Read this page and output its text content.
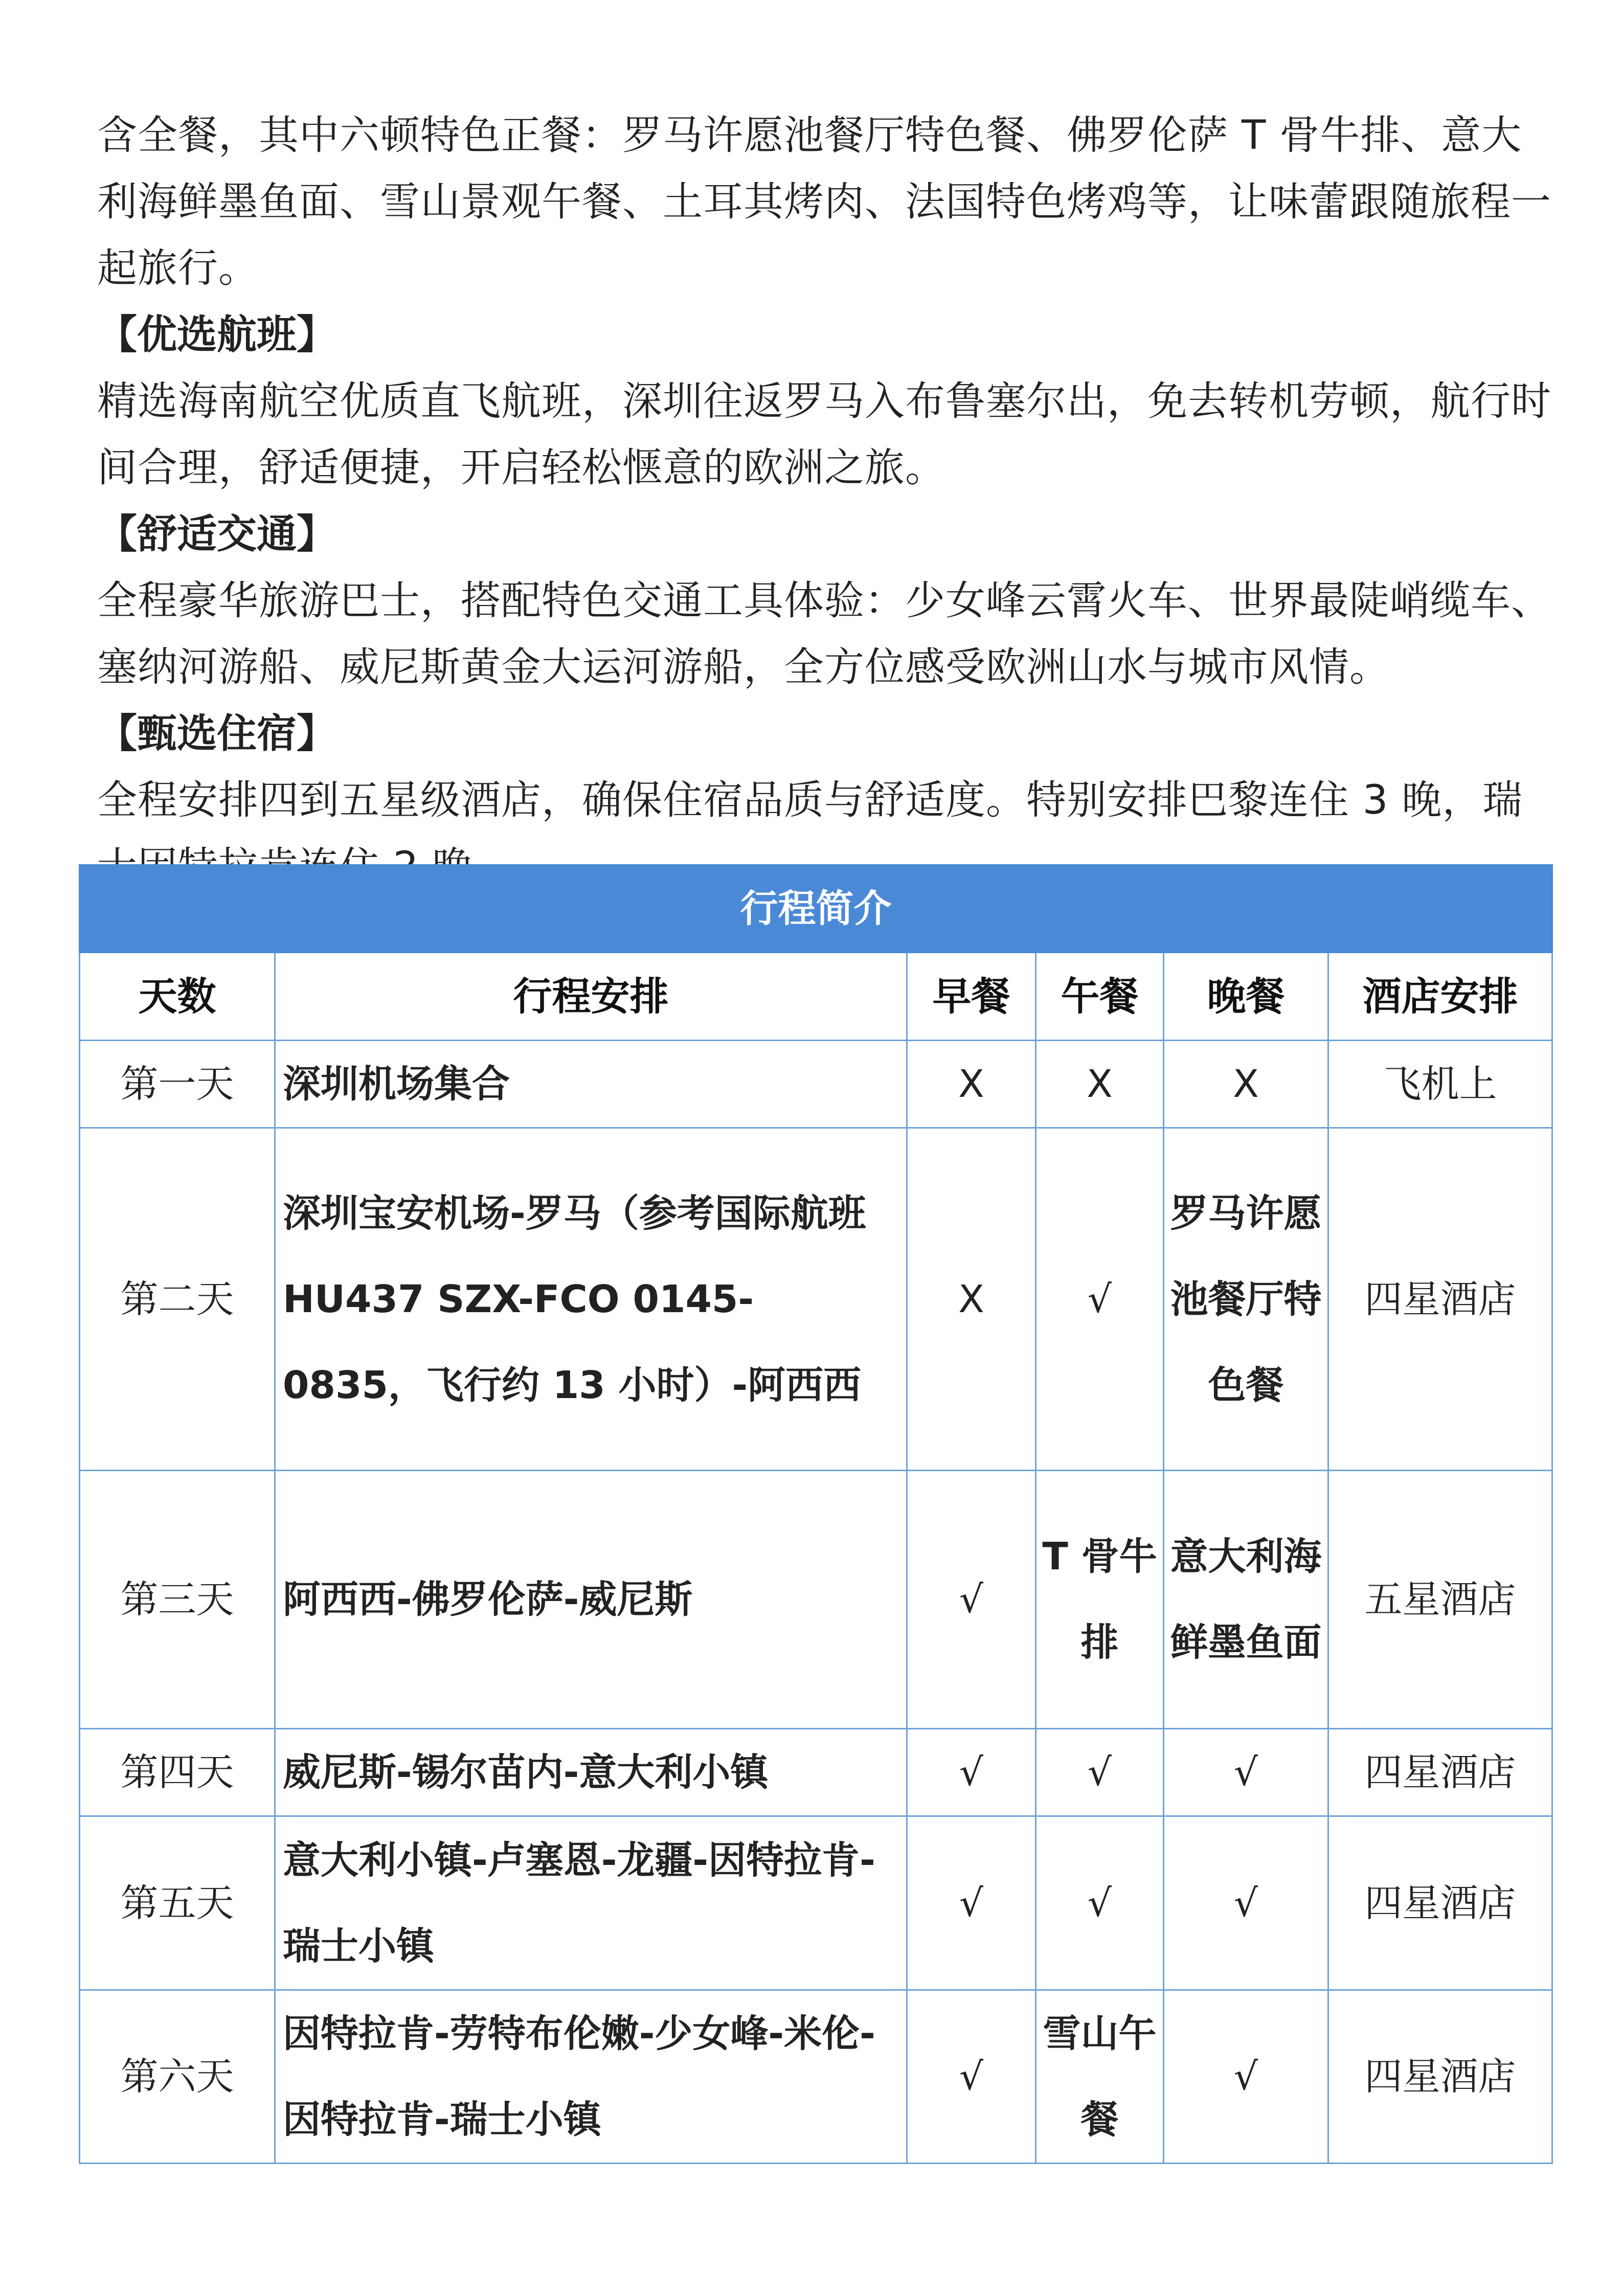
含全餐，其中六顿特色正餐：罗马许愿池餐厅特色餐、佛罗伦萨 T 骨牛排、意大利海鲜墨鱼面、雪山景观午餐、土耳其烤肉、法国特色烤鸡等，让味蕾跟随旅程一起旅行。

【优选航班】

精选海南航空优质直飞航班，深圳往返罗马入布鲁塞尔出，免去转机劳顿，航行时间合理，舒适便捷，开启轻松惬意的欧洲之旅。

【舒适交通】

全程豪华旅游巴士，搭配特色交通工具体验：少女峰云霄火车、世界最陡峭缆车、塞纳河游船、威尼斯黄金大运河游船，全方位感受欧洲山水与城市风情。

【甄选住宿】

全程安排四到五星级酒店，确保住宿品质与舒适度。特别安排巴黎连住 3 晚，瑞

行程简介					
天数	行程安排	早餐	午餐	晚餐	酒店安排
第一天	深圳机场集合	X	X	X	飞机上
第二天	深圳宝安机场-罗马（参考国际航班 HU437 SZX-FCO 0145-0835，飞行约 13 小时）-阿西西	X	√	罗马许愿池餐厅特色餐	四星酒店
第三天	阿西西-佛罗伦萨-威尼斯	√	T 骨牛排	意大利海鲜墨鱼面	五星酒店
第四天	威尼斯-锡尔苗内-意大利小镇	√	√	√	四星酒店
第五天	意大利小镇-卢塞恩-龙疆-因特拉肯-瑞士小镇	√	√	√	四星酒店
第六天	因特拉肯-劳特布伦嫩-少女峰-米伦-因特拉肯-瑞士小镇	√	雪山午餐	√	四星酒店
